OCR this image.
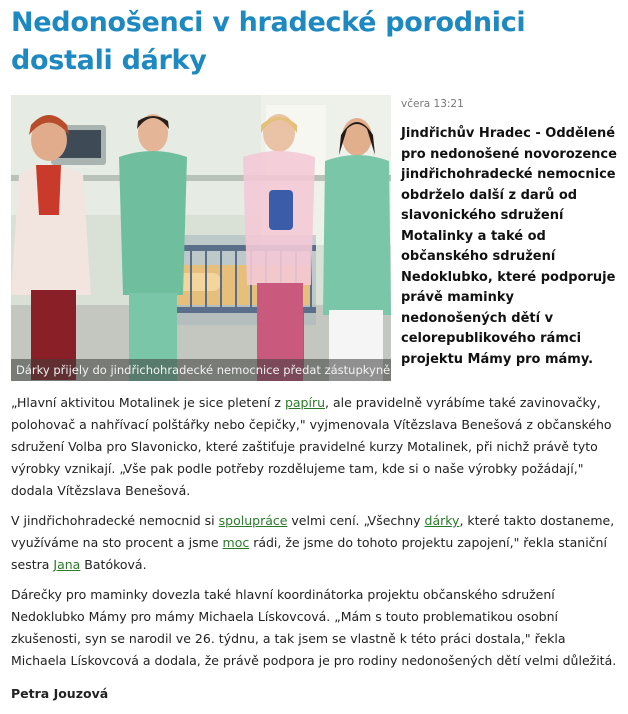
Nedonošenci v hradecké porodnici dostali dárky
Dárky přijely do jindřichohradecké nemocnice předat zástupkyně
včera 13:21

Jindřichův Hradec - Oddělené pro nedonošené novorozence jindřichohradecké nemocnice obdrželo další z darů od slavonického sdružení Motalinky a také od občanského sdružení Nedoklubko, které podporuje právě maminky nedonošených dětí v celorepublikového rámci projektu Mámy pro mámy.

„Hlavní aktivitou Motalinek je sice pletení z papíru, ale pravidelně vyrábíme také zavinovačky, polohovač a nahřívací polštářky nebo čepičky," vyjmenovala Vítězslava Benešová z občanského sdružení Volba pro Slavonicko, které zaštiťuje pravidelné kurzy Motalinek, při nichž právě tyto výrobky vznikají. „Vše pak podle potřeby rozdělujeme tam, kde si o naše výrobky požádají," dodala Vítězslava Benešová.

V jindřichohradecké nemocnid si spolupráce velmi cení. „Všechny dárky, které takto dostaneme, využíváme na sto procent a jsme moc rádi, že jsme do tohoto projektu zapojení," řekla staniční sestra Jana Batóková.

Dárečky pro maminky dovezla také hlavní koordinátorka projektu občanského sdružení Nedoklubko Mámy pro mámy Michaela Lískovcová. „Mám s touto problematikou osobní zkušenosti, syn se narodil ve 26. týdnu, a tak jsem se vlastně k této práci dostala," řekla Michaela Lískovcová a dodala, že právě podpora je pro rodiny nedonošených dětí velmi důležitá.

Petra Jouzová
